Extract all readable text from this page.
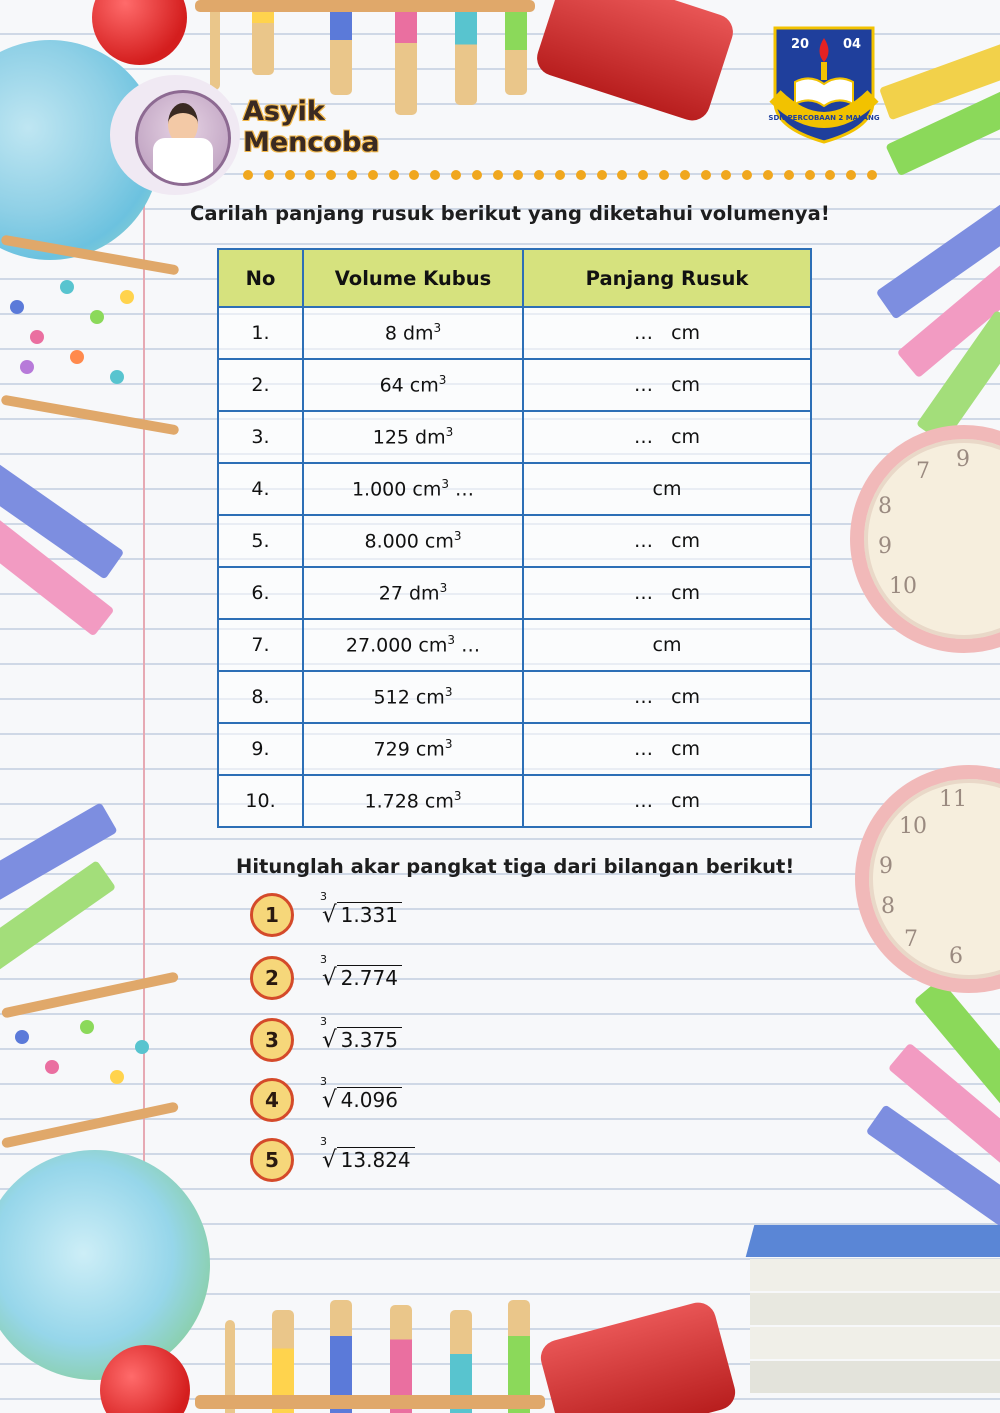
9
7
8
9
10
11
10
9
8
7
6
Asyik
Mencoba
20	04
SDN PERCOBAAN 2 MALANG
Carilah panjang rusuk berikut yang diketahui volumenya!
No	Volume Kubus	Panjang Rusuk
1.	8 $dm^3$	…   cm
2.	64 $cm^3$	…   cm
3.	125 $dm^3$	…   cm
4.	1.000 $cm^3$ …	cm
5.	8.000 $cm^3$	…   cm
6.	27 $dm^3$	…   cm
7.	27.000 $cm^3$ …	cm
8.	512 $cm^3$	…   cm
9.	729 $cm^3$	…   cm
10.	1.728 $cm^3$	…   cm
Hitunglah akar pangkat tiga dari bilangan berikut!
1
3
√ 1.331
2
3
√ 2.774
3
3
√ 3.375
4
3
√ 4.096
5
3
√ 13.824
